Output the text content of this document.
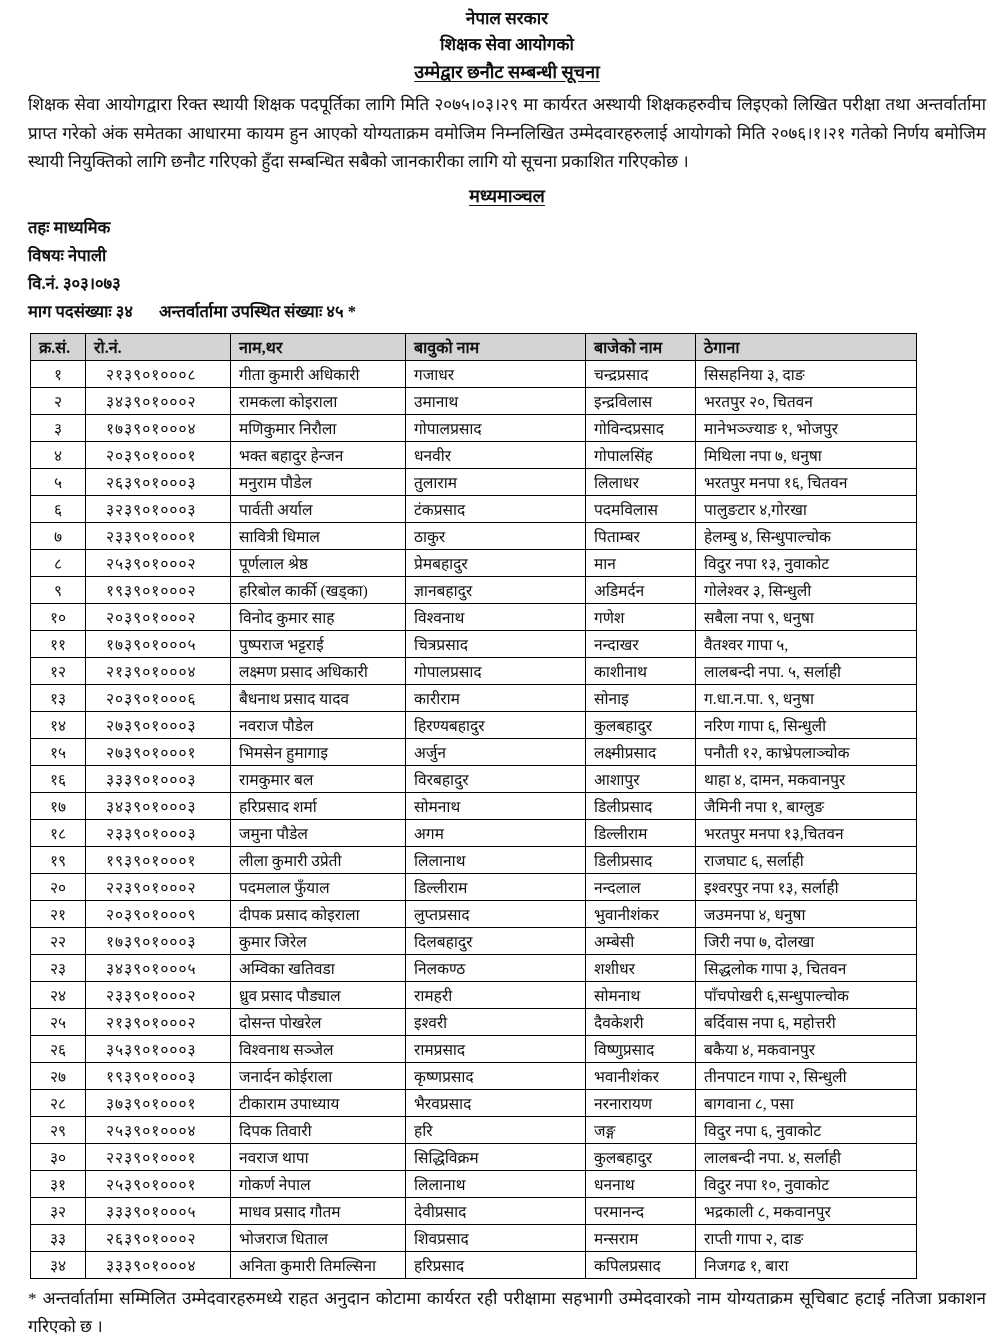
नेपाल सरकार
शिक्षक सेवा आयोगको
उम्मेद्वार छनौट सम्बन्धी सूचना
शिक्षक सेवा आयोगद्वारा रिक्त स्थायी शिक्षक पदपूर्तिका लागि मिति २०७५।०३।२९ मा कार्यरत अस्थायी शिक्षकहरुवीच लिइएको लिखित परीक्षा तथा अन्तर्वार्तामा प्राप्त गरेको अंक समेतका आधारमा कायम हुन आएको योग्यताक्रम वमोजिम निम्नलिखित उम्मेदवारहरुलाई आयोगको मिति २०७६।१।२१ गतेको निर्णय बमोजिम स्थायी नियुक्तिको लागि छनौट गरिएको हुँदा सम्बन्धित सबैको जानकारीका लागि यो सूचना प्रकाशित गरिएकोछ ।
मध्यमाञ्चल
तहः माध्यमिक
विषयः नेपाली
वि.नं. ३०३।०७३
माग पदसंख्याः ३४ अन्तर्वार्तामा उपस्थित संख्याः ४५ *
क्र.सं.	रो.नं.	नाम,थर	बावुको नाम	बाजेको नाम	ठेगाना
१	२१३९०१०००८	गीता कुमारी अधिकारी	गजाधर	चन्द्रप्रसाद	सिसहनिया ३, दाङ
२	३४३९०१०००२	रामकला कोइराला	उमानाथ	इन्द्रविलास	भरतपुर २०, चितवन
३	१७३९०१०००४	मणिकुमार निरौला	गोपालप्रसाद	गोविन्दप्रसाद	मानेभञ्ज्याङ १, भोजपुर
४	२०३९०१०००१	भक्त बहादुर हेन्जन	धनवीर	गोपालसिंह	मिथिला नपा ७, धनुषा
५	२६३९०१०००३	मनुराम पौडेल	तुलाराम	लिलाधर	भरतपुर मनपा १६, चितवन
६	३२३९०१०००३	पार्वती अर्याल	टंकप्रसाद	पदमविलास	पालुङटार ४,गोरखा
७	२३३९०१०००१	सावित्री धिमाल	ठाकुर	पिताम्बर	हेलम्बु ४, सिन्धुपाल्चोक
८	२५३९०१०००२	पूर्णलाल श्रेष्ठ	प्रेमबहादुर	मान	विदुर नपा १३, नुवाकोट
९	१९३९०१०००२	हरिबोल कार्की (खड्का)	ज्ञानबहादुर	अडिमर्दन	गोलेश्वर ३, सिन्धुली
१०	२०३९०१०००२	विनोद कुमार साह	विश्वनाथ	गणेश	सबैला नपा ९, धनुषा
११	१७३९०१०००५	पुष्पराज भट्टराई	चित्रप्रसाद	नन्दाखर	वैतश्वर गापा ५,
१२	२१३९०१०००४	लक्ष्मण प्रसाद अधिकारी	गोपालप्रसाद	काशीनाथ	लालबन्दी नपा. ५, सर्लाही
१३	२०३९०१०००६	बैधनाथ प्रसाद यादव	कारीराम	सोनाइ	ग.धा.न.पा. ९, धनुषा
१४	२७३९०१०००३	नवराज पौडेल	हिरण्यबहादुर	कुलबहादुर	नरिण गापा ६, सिन्धुली
१५	२७३९०१०००१	भिमसेन हुमागाइ	अर्जुन	लक्ष्मीप्रसाद	पनौती १२, काभ्रेपलाञ्चोक
१६	३३३९०१०००३	रामकुमार बल	विरबहादुर	आशापुर	थाहा ४, दामन, मकवानपुर
१७	३४३९०१०००३	हरिप्रसाद शर्मा	सोमनाथ	डिलीप्रसाद	जैमिनी नपा १, बाग्लुङ
१८	२३३९०१०००३	जमुना पौडेल	अगम	डिल्लीराम	भरतपुर मनपा १३,चितवन
१९	१९३९०१०००१	लीला कुमारी उप्रेती	लिलानाथ	डिलीप्रसाद	राजघाट ६, सर्लाही
२०	२२३९०१०००२	पदमलाल फुँयाल	डिल्लीराम	नन्दलाल	इश्वरपुर नपा १३, सर्लाही
२१	२०३९०१०००९	दीपक प्रसाद कोइराला	लुप्तप्रसाद	भुवानीशंकर	जउमनपा ४, धनुषा
२२	१७३९०१०००३	कुमार जिरेल	दिलबहादुर	अम्बेसी	जिरी नपा ७, दोलखा
२३	३४३९०१०००५	अम्विका खतिवडा	निलकण्ठ	शशीधर	सिद्धलोक गापा ३, चितवन
२४	२३३९०१०००२	ध्रुव प्रसाद पौड्याल	रामहरी	सोमनाथ	पाँचपोखरी ६,सन्धुपाल्चोक
२५	२१३९०१०००२	दोसन्त पोखरेल	इश्वरी	दैवकेशरी	बर्दिवास नपा ६, महोत्तरी
२६	३५३९०१०००३	विश्वनाथ सञ्जेल	रामप्रसाद	विष्णुप्रसाद	बकैया ४, मकवानपुर
२७	१९३९०१०००३	जनार्दन कोईराला	कृष्णप्रसाद	भवानीशंकर	तीनपाटन गापा २, सिन्धुली
२८	३७३९०१०००१	टीकाराम उपाध्याय	भैरवप्रसाद	नरनारायण	बागवाना ८, पसा
२९	२५३९०१०००४	दिपक तिवारी	हरि	जङ्ग	विदुर नपा ६, नुवाकोट
३०	२२३९०१०००१	नवराज थापा	सिद्धिविक्रम	कुलबहादुर	लालबन्दी नपा. ४, सर्लाही
३१	२५३९०१०००१	गोकर्ण नेपाल	लिलानाथ	धननाथ	विदुर नपा १०, नुवाकोट
३२	३३३९०१०००५	माधव प्रसाद गौतम	देवीप्रसाद	परमानन्द	भद्रकाली ८, मकवानपुर
३३	२६३९०१०००२	भोजराज धिताल	शिवप्रसाद	मन्सराम	राप्ती गापा २, दाङ
३४	३३३९०१०००४	अनिता कुमारी तिमल्सिना	हरिप्रसाद	कपिलप्रसाद	निजगढ १, बारा
* अन्तर्वार्तामा सम्मिलित उम्मेदवारहरुमध्ये राहत अनुदान कोटामा कार्यरत रही परीक्षामा सहभागी उम्मेदवारको नाम योग्यताक्रम सूचिबाट हटाई नतिजा प्रकाशन गरिएको छ ।
